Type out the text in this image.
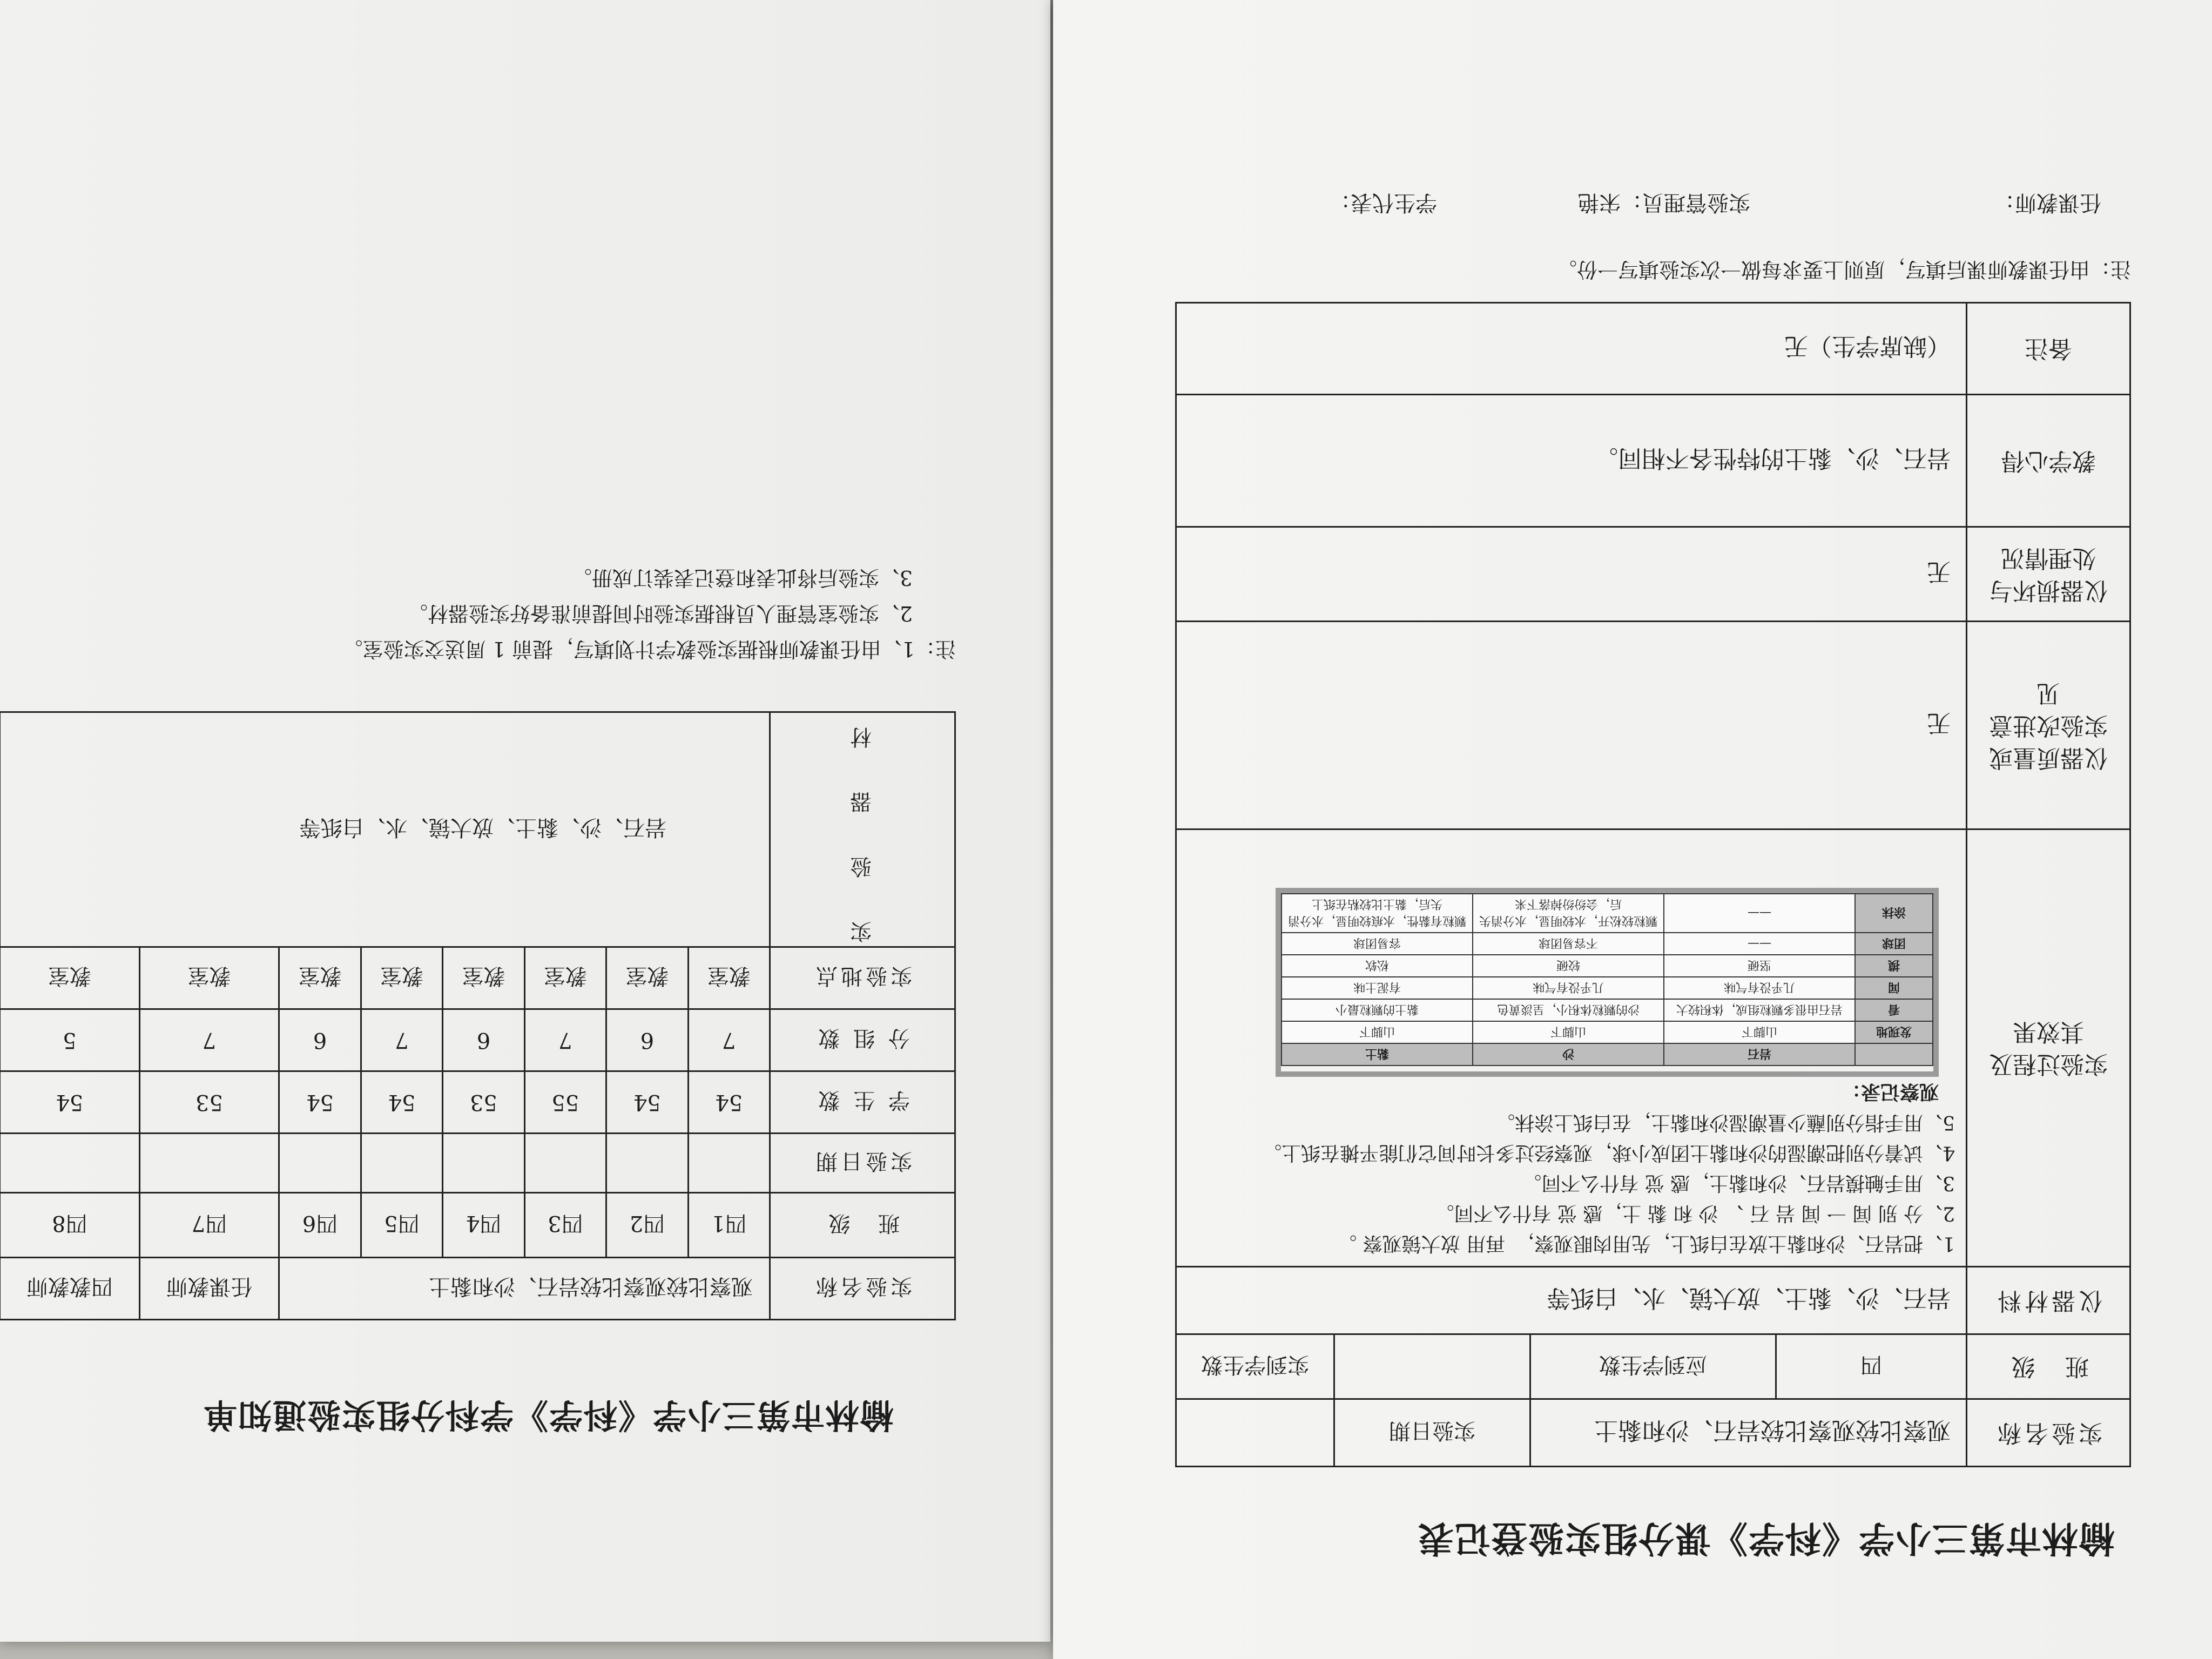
榆林市第三小学《科学》学科分组实验通知单
实验名称	观察比较观察比较岩石、沙和黏土						任课教师	四教教师
班　级	四1	四2	四3	四4	四5	四6	四7	四8
实验日期								
学 生 数	54	54	55	53	54	54	53	54
分 组 数	7	6	7	6	7	6	7	5
实验地点	教室	教室	教室	教室	教室	教室	教室	教室
实　验　器　材	岩石、沙、黏土、放大镜、水、白纸等							
注：1、由任课教师根据实验教学计划填写，提前 1 周送交实验室。
2、实验室管理人员根据实验时间提前准备好实验器材。
3、实验后将此表和登记表装订成册。
榆林市第三小学《科学》课分组实验登记表
实验名称	观察比较观察比较岩石、沙和黏土	实验日期	
班　级	四	应到学生数		实到学生数
仪器材料	岩石、沙、黏土、放大镜、水、白纸等
实验过程及其效果	
1、把岩石、沙和黏土放在白纸上，先用肉眼观察，　再用 放大镜观察 。
2、分 别 闻 一 闻 岩 石 、 沙 和 黏 土，感 觉 有什么不同。
3、用手触摸岩石、沙和黏土，感 觉 有什么不同。
4、试着分别把潮湿的沙和黏土团成小球，观察经过多长时间它们能平摊在纸上。
5、用手指分别蘸少量潮湿沙和黏土，在白纸上涂抹。
观察记录：
	岩石	沙	黏土
发现地	山脚下	山脚下	山脚下
看	岩石由很多颗粒组成，体积较大	沙的颗粒体积小，呈淡黄色	黏土的颗粒最小
闻	几乎没有气味	几乎没有气味	有泥土味
摸	坚硬	较硬	松软
团球	——	不容易团球	容易团球
涂抹	——	颗粒较松开，水较明显，水分消失后，会纷纷掉落下来	颗粒有黏性，水痕较明显，水分消失后，黏土比较粘在纸上

仪器质量或实验改进意见	无
仪器损坏与处理情况	无
教学心得	岩石、沙、黏土的特性各不相同。
备注	（缺席学生）无
注：由任课教师课后填写，原则上要求每做一次实验填写一份。
任课教师：
实验管理员：宋艳
学生代表：
